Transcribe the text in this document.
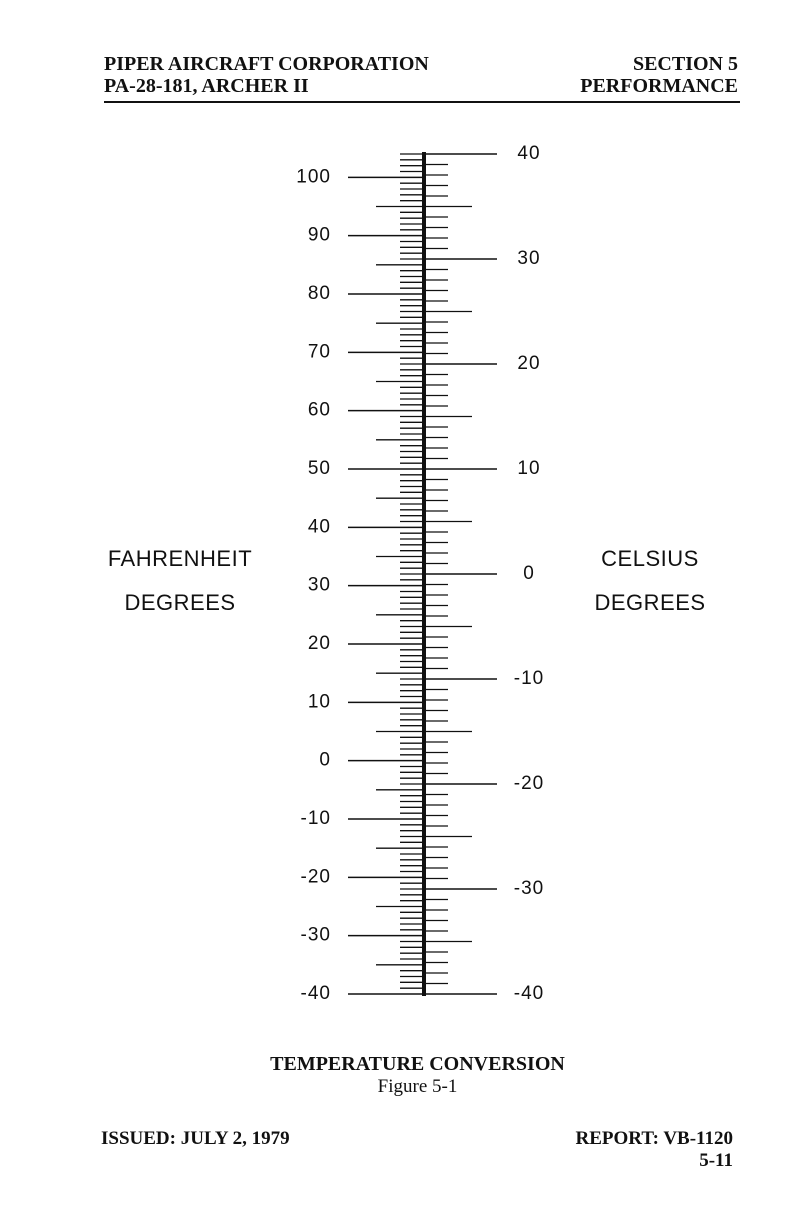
PIPER AIRCRAFT CORPORATION
PA-28-181, ARCHER II
SECTION 5
PERFORMANCE
FAHRENHEIT
DEGREES
CELSIUS
DEGREES
100
90
80
70
60
50
40
30
20
10
0
-10
-20
-30
-40
40
30
20
10
0
-10
-20
-30
-40
TEMPERATURE CONVERSION
Figure 5-1
ISSUED: JULY 2, 1979	REPORT: VB-1120
5-11
